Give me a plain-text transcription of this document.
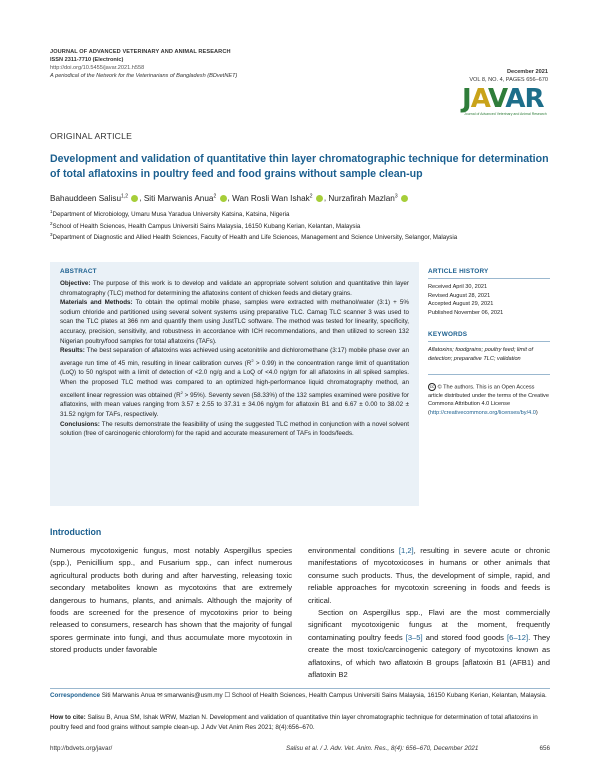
JOURNAL OF ADVANCED VETERINARY AND ANIMAL RESEARCH
ISSN 2311-7710 (Electronic)
http://doi.org/10.5455/javar.2021.h558
A periodical of the Network for the Veterinarians of Bangladesh (BDvetNET)
December 2021
VOL 8, NO. 4, PAGES 656–670
JAVAR
Journal of Advanced Veterinary and Animal Research
ORIGINAL ARTICLE
Development and validation of quantitative thin layer chromatographic technique for determination of total aflatoxins in poultry feed and food grains without sample clean-up
Bahauddeen Salisu$^{1,2}$ , Siti Marwanis Anua$^2$ , Wan Rosli Wan Ishak$^2$ , Nurzafirah Mazlan$^3$
$^1$Department of Microbiology, Umaru Musa Yaradua University Katsina, Katsina, Nigeria
$^2$School of Health Sciences, Health Campus Universiti Sains Malaysia, 16150 Kubang Kerian, Kelantan, Malaysia
$^3$Department of Diagnostic and Allied Health Sciences, Faculty of Health and Life Sciences, Management and Science University, Selangor, Malaysia
ABSTRACT

Objective: The purpose of this work is to develop and validate an appropriate solvent solution and quantitative thin layer chromatography (TLC) method for determining the aflatoxins content of chicken feeds and dietary grains.
Materials and Methods: To obtain the optimal mobile phase, samples were extracted with methanol/water (3:1) + 5% sodium chloride and partitioned using several solvent systems using preparative TLC. Camag TLC scanner 3 was used to scan the TLC plates at 366 nm and quantify them using JustTLC software. The method was tested for linearity, specificity, accuracy, precision, sensitivity, and robustness in accordance with ICH recommendations, and then utilized to screen 132 Nigerian poultry/food samples for total aflatoxins (TAFs).
Results: The best separation of aflatoxins was achieved using acetonitrile and dichloromethane (3:17) mobile phase over an average run time of 45 min, resulting in linear calibration curves $(R^2 > 0.99)$ in the concentration range limit of quantitation (LoQ) to 50 ng/spot with a limit of detection of <2.0 ng/g and a LoQ of <4.0 ng/gm for all aflatoxins in all spiked samples. When the proposed TLC method was compared to an optimized high-performance liquid chromatography method, an excellent linear regression was obtained $(R^2 > 95\%)$. Seventy seven (58.33%) of the 132 samples examined were positive for aflatoxins, with mean values ranging from 3.57 ± 2.55 to 37.31 ± 34.06 ng/gm for aflatoxin B1 and 6.67 ± 0.00 to 38.02 ± 31.52 ng/gm for TAFs, respectively.
Conclusions: The results demonstrate the feasibility of using the suggested TLC method in conjunction with a novel solvent solution (free of carcinogenic chloroform) for the rapid and accurate measurement of TAFs in foods/feeds.

ARTICLE HISTORY
Received April 30, 2021
Revised August 28, 2021
Accepted August 29, 2021
Published November 06, 2021
KEYWORDS
Aflatoxins; foodgrains; poultry feed; limit of detection; preparative TLC; validation
cc © The authors. This is an Open Access article distributed under the terms of the Creative Commons Attribution 4.0 License (http://creativecommons.org/licenses/by/4.0)
Introduction

Numerous mycotoxigenic fungus, most notably Aspergillus species (spp.), Penicillium spp., and Fusarium spp., can infect numerous agricultural products both during and after harvesting, releasing toxic secondary metabolites known as mycotoxins that are extremely dangerous to humans, plants, and animals. Although the majority of foods are screened for the presence of mycotoxins prior to being released to consumers, research has shown that the majority of fungal spores germinate into fungi, and thus accumulate more mycotoxin in stored products under favorable

environmental conditions [1,2], resulting in severe acute or chronic manifestations of mycotoxicoses in humans or other animals that consume such products. Thus, the development of simple, rapid, and reliable approaches for mycotoxin screening in foods and feeds is critical.

Section on Aspergillus spp., Flavi are the most commercially significant mycotoxigenic fungus at the moment, frequently contaminating poultry feeds [3–5] and stored food goods [6–12]. They create the most toxic/carcinogenic category of mycotoxins known as aflatoxins, of which two aflatoxin B groups [aflatoxin B1 (AFB1) and aflatoxin B2

Correspondence Siti Marwanis Anua ✉ smarwanis@usm.my ☐ School of Health Sciences, Health Campus Universiti Sains Malaysia, 16150 Kubang Kerian, Kelantan, Malaysia.
How to cite: Salisu B, Anua SM, Ishak WRW, Mazlan N. Development and validation of quantitative thin layer chromatographic technique for determination of total aflatoxins in poultry feed and food grains without sample clean-up. J Adv Vet Anim Res 2021; 8(4):656–670.
http://bdvets.org/javar/	Salisu et al. / J. Adv. Vet. Anim. Res., 8(4): 656–670, December 2021	656
